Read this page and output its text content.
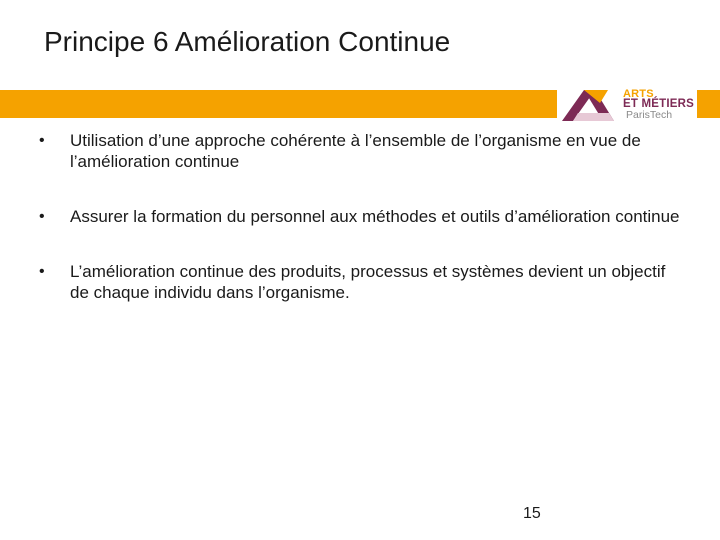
Principe 6 Amélioration Continue
ARTS
ET MÉTIERS
ParisTech
• Utilisation d’une approche cohérente à l’ensemble de l’organisme en vue de l’amélioration continue
• Assurer la formation du personnel aux méthodes et outils d’amélioration continue
• L’amélioration continue des produits, processus et systèmes devient un objectif de chaque individu dans l’organisme.
15
